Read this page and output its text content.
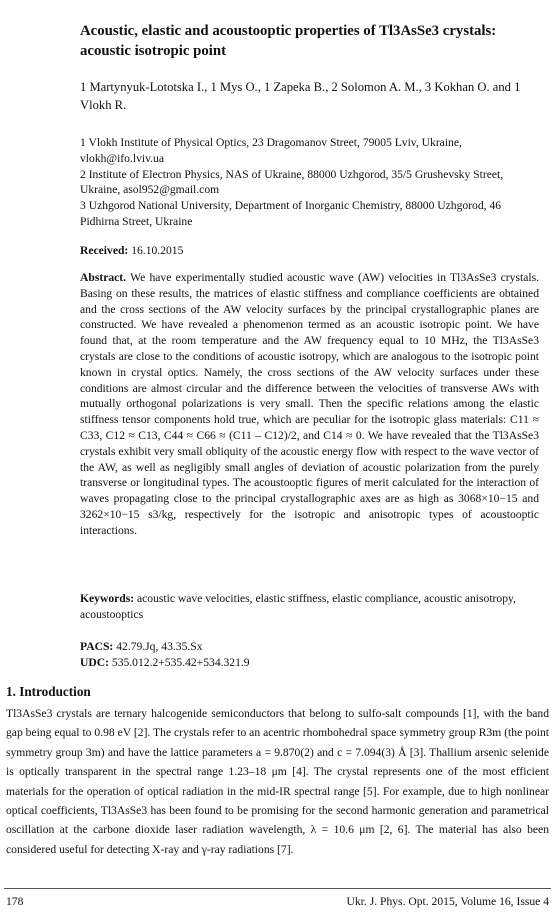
Acoustic, elastic and acoustooptic properties of Tl3AsSe3 crystals: acoustic isotropic point
1 Martynyuk-Lototska I., 1 Mys O., 1 Zapeka B., 2 Solomon A. M., 3 Kokhan O. and 1 Vlokh R.
1 Vlokh Institute of Physical Optics, 23 Dragomanov Street, 79005 Lviv, Ukraine, vlokh@ifo.lviv.ua
2 Institute of Electron Physics, NAS of Ukraine, 88000 Uzhgorod, 35/5 Grushevsky Street, Ukraine, asol952@gmail.com
3 Uzhgorod National University, Department of Inorganic Chemistry, 88000 Uzhgorod, 46 Pidhirna Street, Ukraine
Received: 16.10.2015
Abstract. We have experimentally studied acoustic wave (AW) velocities in Tl3AsSe3 crystals. Basing on these results, the matrices of elastic stiffness and compliance coefficients are obtained and the cross sections of the AW velocity surfaces by the principal crystallographic planes are constructed. We have revealed a phenomenon termed as an acoustic isotropic point. We have found that, at the room temperature and the AW frequency equal to 10 MHz, the Tl3AsSe3 crystals are close to the conditions of acoustic isotropy, which are analogous to the isotropic point known in crystal optics. Namely, the cross sections of the AW velocity surfaces under these conditions are almost circular and the difference between the velocities of transverse AWs with mutually orthogonal polarizations is very small. Then the specific relations among the elastic stiffness tensor components hold true, which are peculiar for the isotropic glass materials: C11 ≈ C33, C12 ≈ C13, C44 ≈ C66 ≈ (C11 – C12)/2, and C14 ≈ 0. We have revealed that the Tl3AsSe3 crystals exhibit very small obliquity of the acoustic energy flow with respect to the wave vector of the AW, as well as negligibly small angles of deviation of acoustic polarization from the purely transverse or longitudinal types. The acoustooptic figures of merit calculated for the interaction of waves propagating close to the principal crystallographic axes are as high as 3068×10−15 and 3262×10−15 s3/kg, respectively for the isotropic and anisotropic types of acoustooptic interactions.
Keywords: acoustic wave velocities, elastic stiffness, elastic compliance, acoustic anisotropy, acoustooptics
PACS: 42.79.Jq, 43.35.Sx
UDC: 535.012.2+535.42+534.321.9
1. Introduction
Tl3AsSe3 crystals are ternary halcogenide semiconductors that belong to sulfo-salt compounds [1], with the band gap being equal to 0.98 eV [2]. The crystals refer to an acentric rhombohedral space symmetry group R3m (the point symmetry group 3m) and have the lattice parameters a = 9.870(2) and c = 7.094(3) Å [3]. Thallium arsenic selenide is optically transparent in the spectral range 1.23–18 μm [4]. The crystal represents one of the most efficient materials for the operation of optical radiation in the mid-IR spectral range [5]. For example, due to high nonlinear optical coefficients, Tl3AsSe3 has been found to be promising for the second harmonic generation and parametrical oscillation at the carbone dioxide laser radiation wavelength, λ = 10.6 μm [2, 6]. The material has also been considered useful for detecting X-ray and γ-ray radiations [7].
178	Ukr. J. Phys. Opt. 2015, Volume 16, Issue 4
